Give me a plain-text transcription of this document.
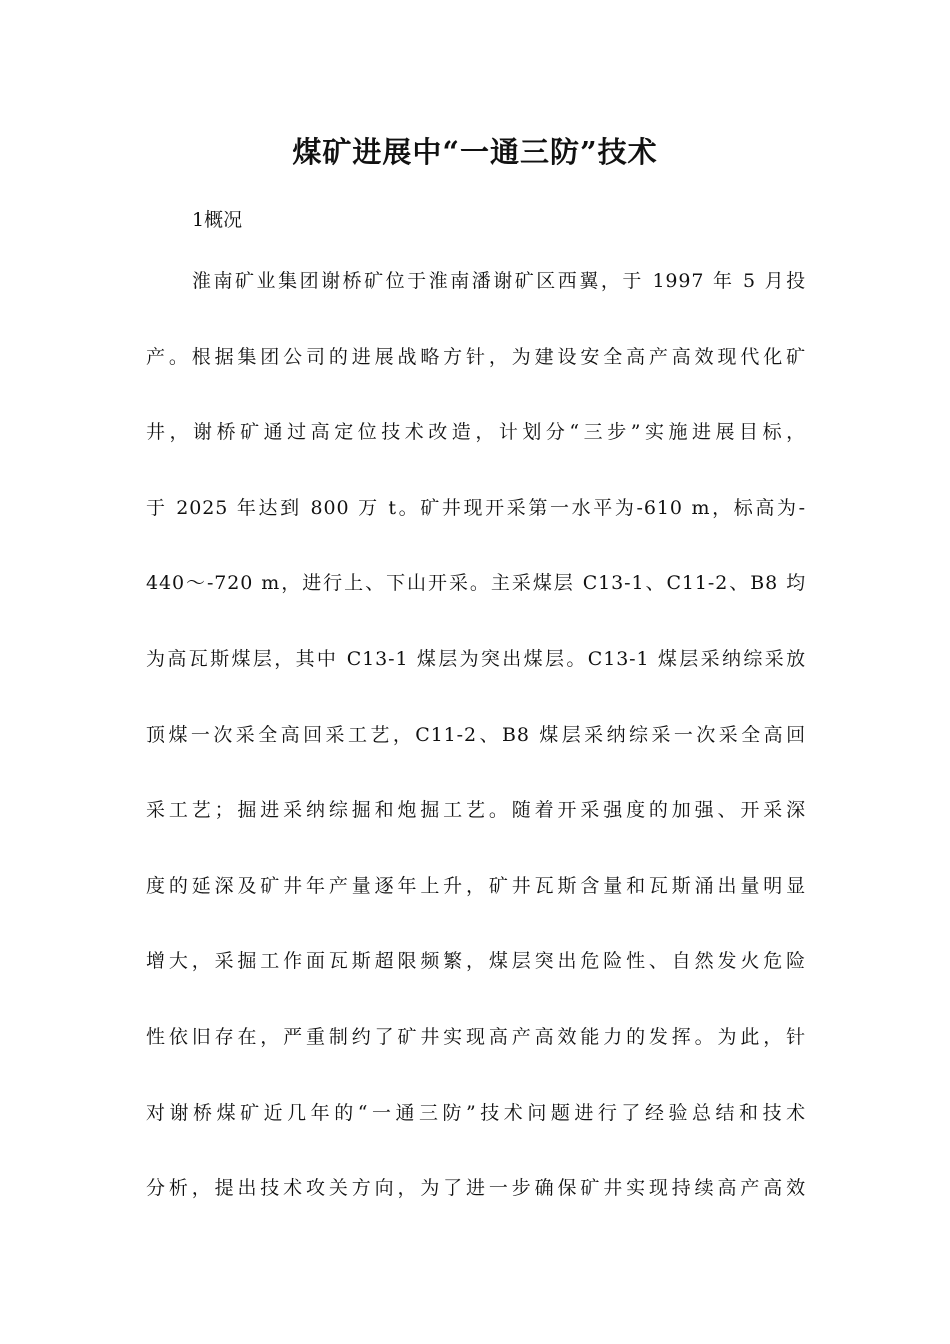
煤矿进展中“一通三防”技术

1概况

淮南矿业集团谢桥矿位于淮南潘谢矿区西翼，于 1997 年 5 月投
产。根据集团公司的进展战略方针，为建设安全高产高效现代化矿
井，谢桥矿通过高定位技术改造，计划分“三步”实施进展目标，
于 2025 年达到 800 万 t。矿井现开采第一水平为-610 m，标高为-
440～-720 m，进行上、下山开采。主采煤层 C13-1、C11-2、B8 均
为高瓦斯煤层，其中 C13-1 煤层为突出煤层。C13-1 煤层采纳综采放
顶煤一次采全高回采工艺，C11-2、B8 煤层采纳综采一次采全高回
采工艺；掘进采纳综掘和炮掘工艺。随着开采强度的加强、开采深
度的延深及矿井年产量逐年上升，矿井瓦斯含量和瓦斯涌出量明显
增大，采掘工作面瓦斯超限频繁，煤层突出危险性、自然发火危险
性依旧存在，严重制约了矿井实现高产高效能力的发挥。为此，针
对谢桥煤矿近几年的“一通三防”技术问题进行了经验总结和技术
分析，提出技术攻关方向，为了进一步确保矿井实现持续高产高效
